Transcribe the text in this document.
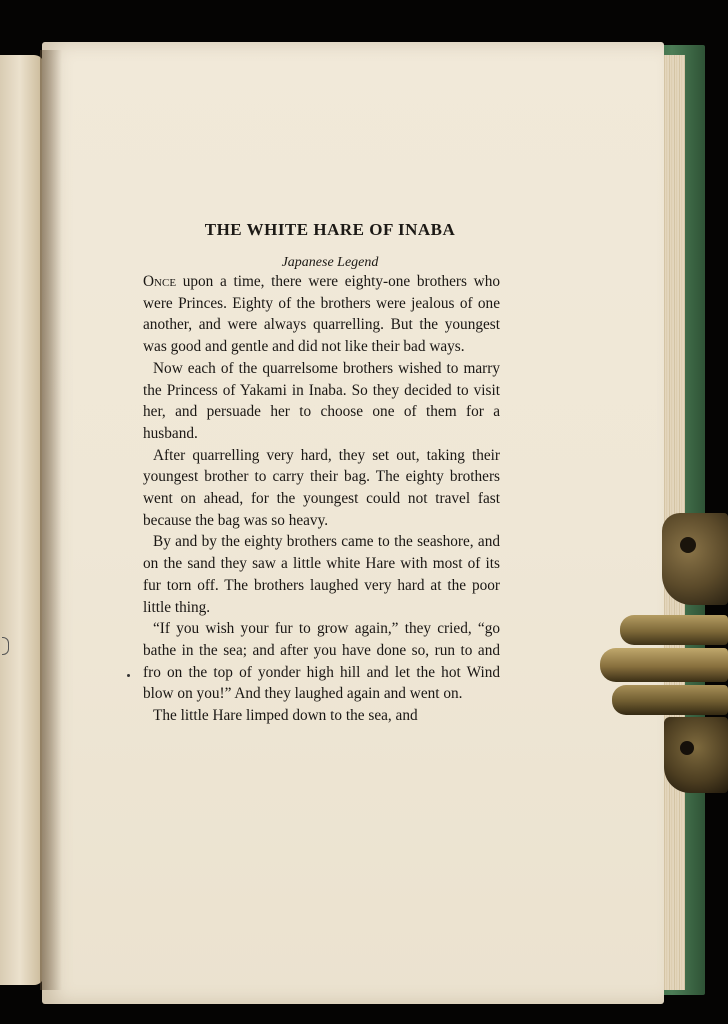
THE WHITE HARE OF INABA
Japanese Legend

Once upon a time, there were eighty-one brothers who were Princes. Eighty of the brothers were jealous of one another, and were always quarrelling. But the youngest was good and gentle and did not like their bad ways.

Now each of the quarrelsome brothers wished to marry the Princess of Yakami in Inaba. So they decided to visit her, and persuade her to choose one of them for a husband.

After quarrelling very hard, they set out, taking their youngest brother to carry their bag. The eighty brothers went on ahead, for the youngest could not travel fast because the bag was so heavy.

By and by the eighty brothers came to the seashore, and on the sand they saw a little white Hare with most of its fur torn off. The brothers laughed very hard at the poor little thing.

“If you wish your fur to grow again,” they cried, “go bathe in the sea; and after you have done so, run to and fro on the top of yonder high hill and let the hot Wind blow on you!” And they laughed again and went on.

The little Hare limped down to the sea, and
